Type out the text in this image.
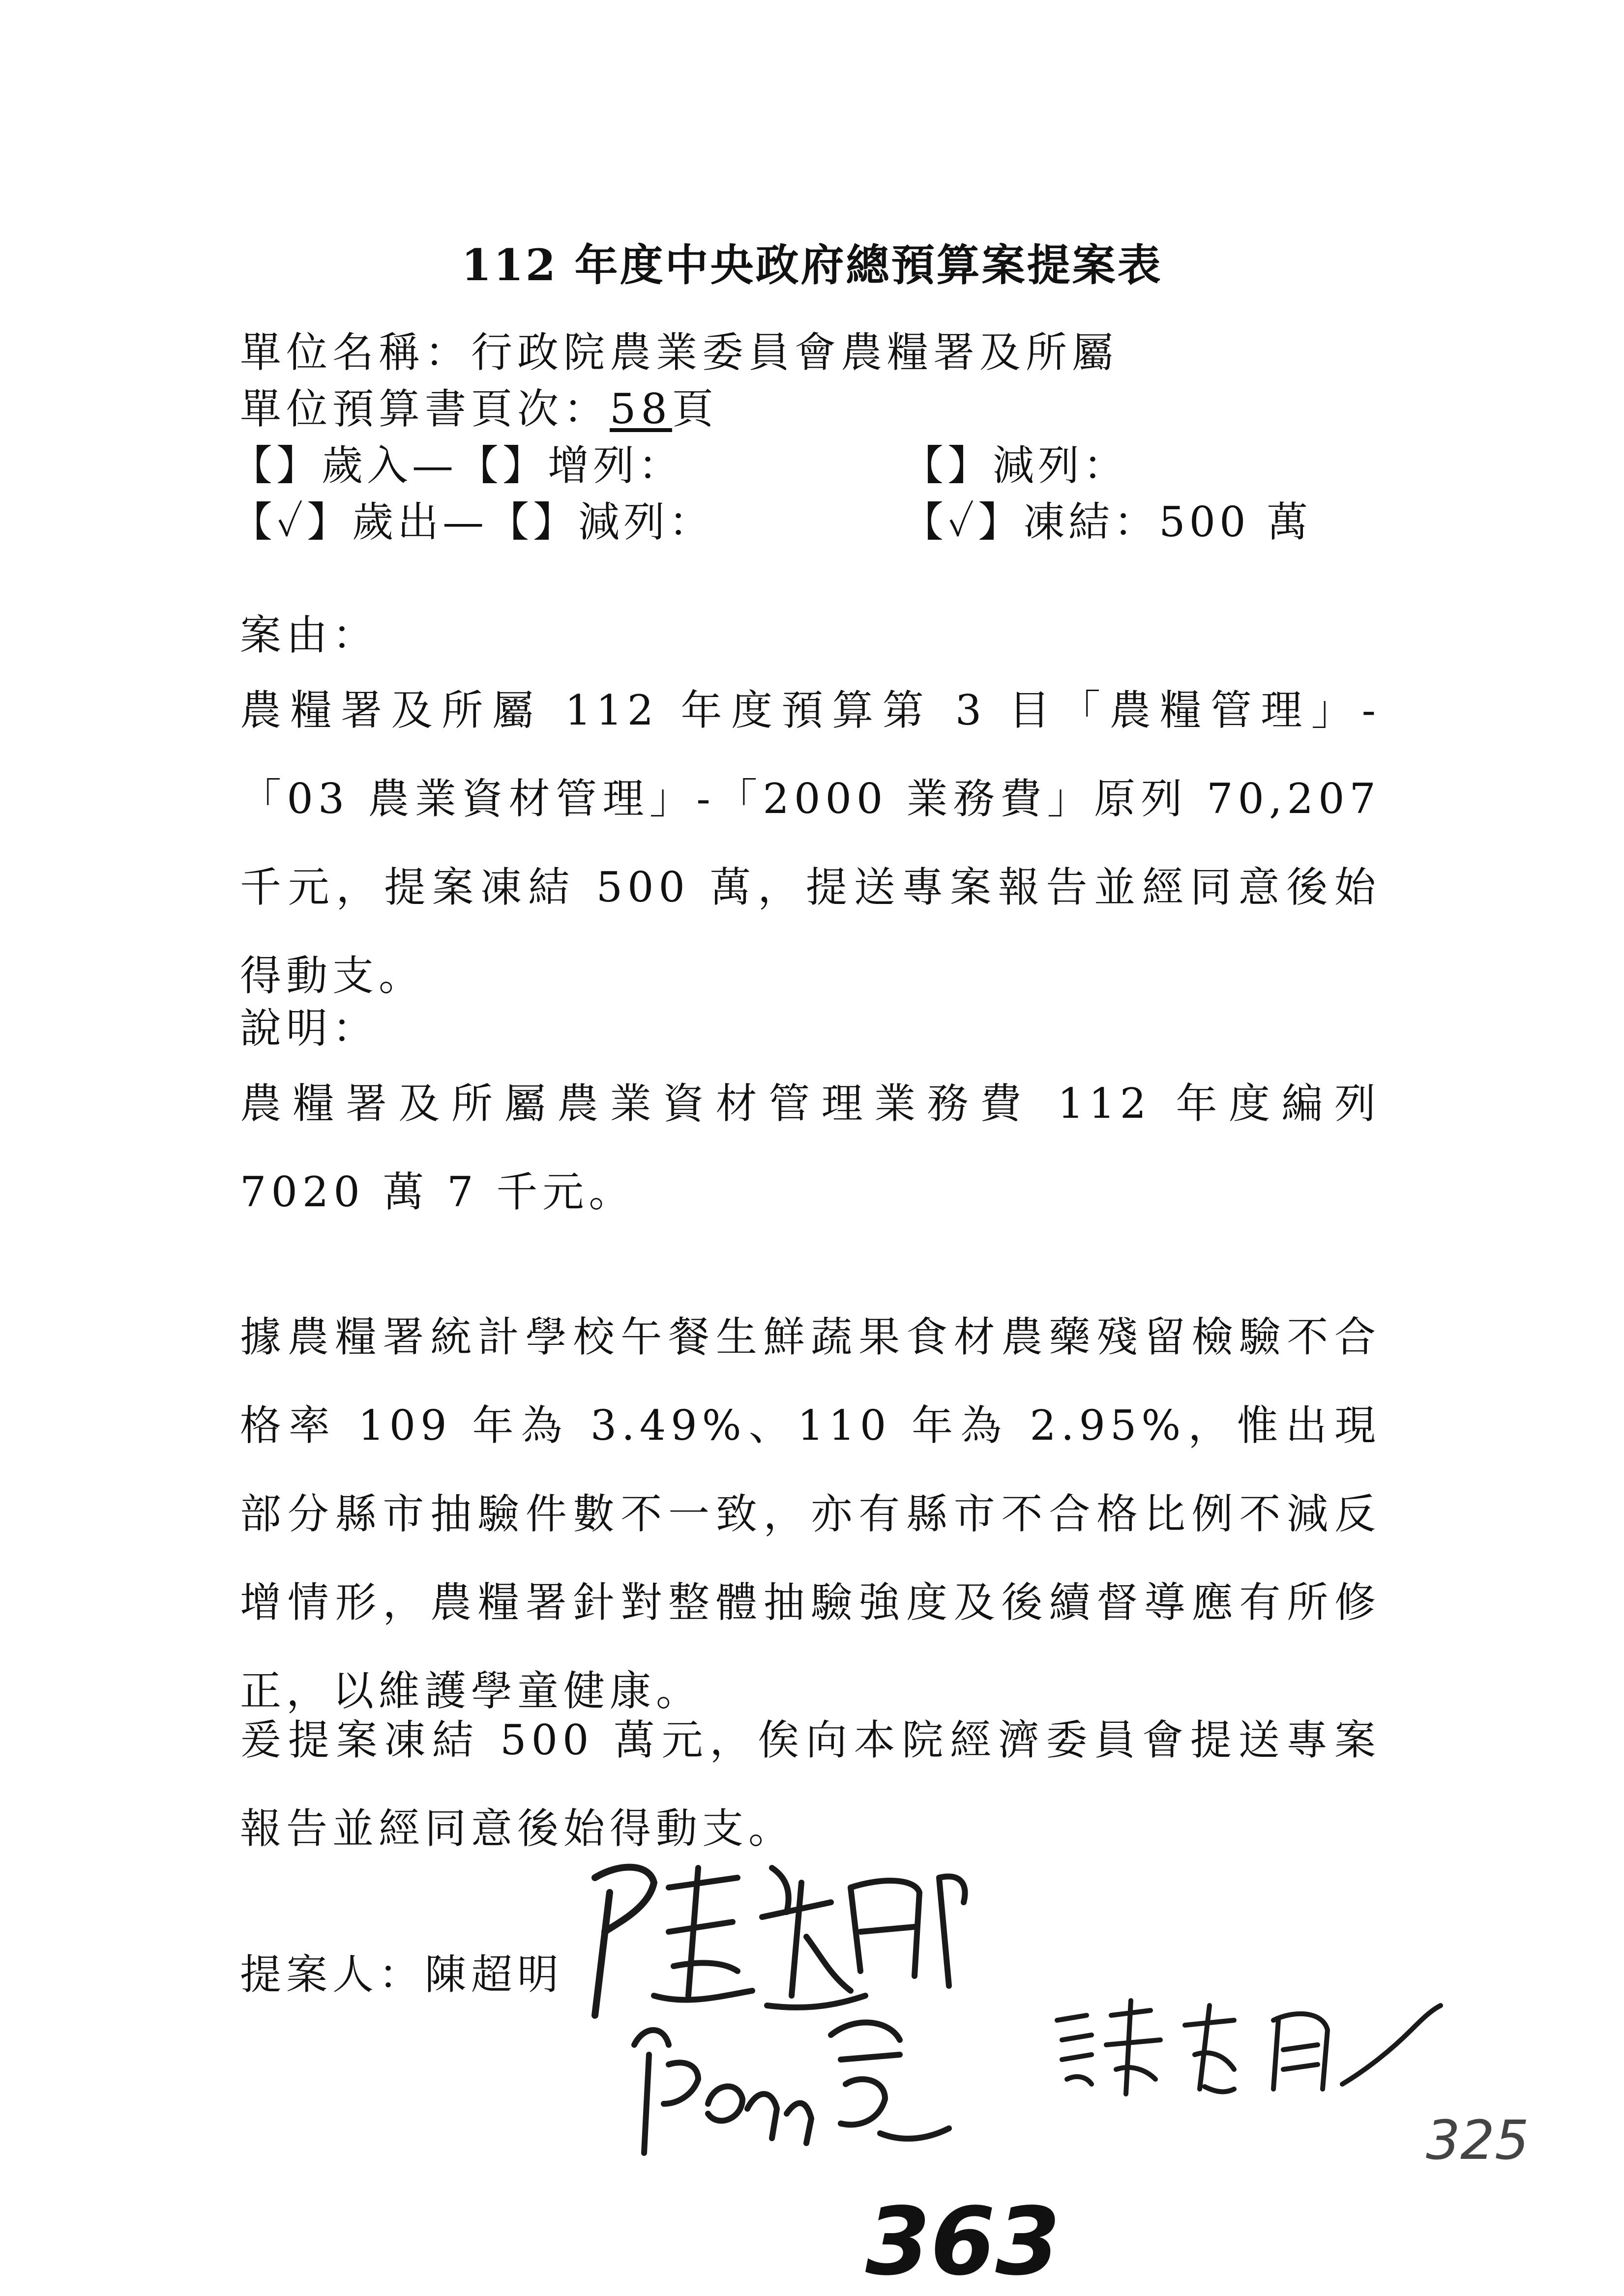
112 年度中央政府總預算案提案表
單位名稱：行政院農業委員會農糧署及所屬
單位預算書頁次：58頁
【】歲入—【】增列：	【】減列：
【✓】歲出—【】減列：	【✓】凍結：500 萬
案由：
農糧署及所屬 112 年度預算第 3 目「農糧管理」-「03 農業資材管理」-「2000 業務費」原列 70,207 千元，提案凍結 500 萬，提送專案報告並經同意後始得動支。
說明：
農糧署及所屬農業資材管理業務費 112 年度編列 7020 萬 7 千元。
據農糧署統計學校午餐生鮮蔬果食材農藥殘留檢驗不合格率 109 年為 3.49%、110 年為 2.95%，惟出現部分縣市抽驗件數不一致，亦有縣市不合格比例不減反增情形，農糧署針對整體抽驗強度及後續督導應有所修正，以維護學童健康。
爰提案凍結 500 萬元，俟向本院經濟委員會提送專案報告並經同意後始得動支。
提案人：陳超明
363
325
